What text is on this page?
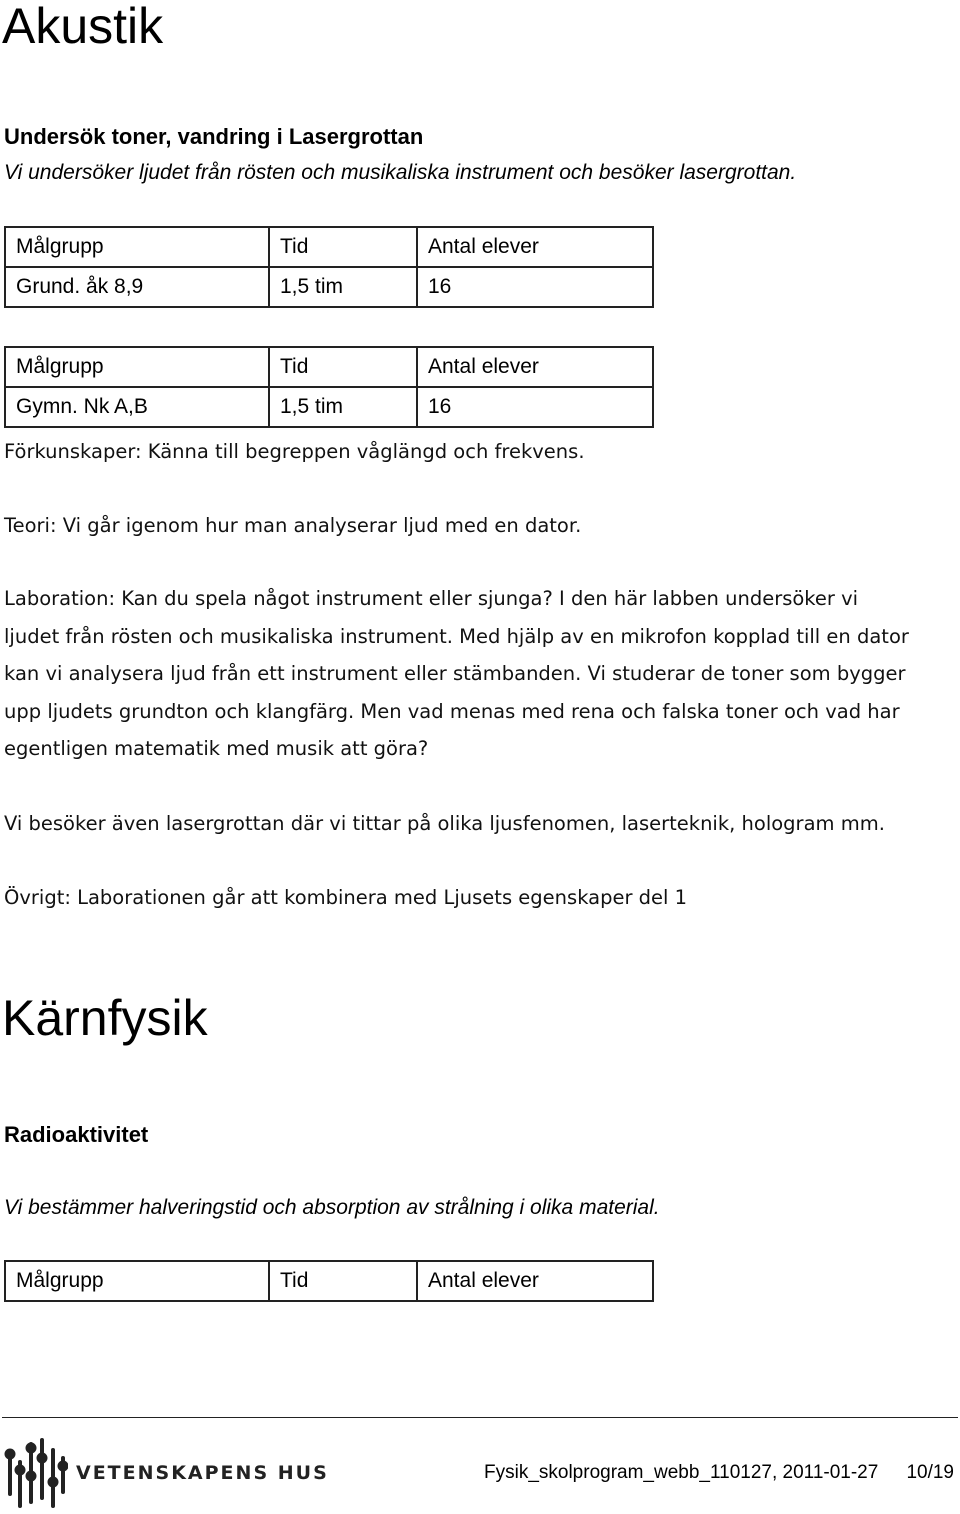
Akustik
Undersök toner, vandring i Lasergrottan
Vi undersöker ljudet från rösten och musikaliska instrument och besöker lasergrottan.
Målgrupp	Tid	Antal elever
Grund. åk 8,9	1,5 tim	16
Målgrupp	Tid	Antal elever
Gymn. Nk A,B	1,5 tim	16
Förkunskaper: Känna till begreppen våglängd och frekvens.
Teori: Vi går igenom hur man analyserar ljud med en dator.
Laboration: Kan du spela något instrument eller sjunga? I den här labben undersöker vi
ljudet från rösten och musikaliska instrument. Med hjälp av en mikrofon kopplad till en dator
kan vi analysera ljud från ett instrument eller stämbanden. Vi studerar de toner som bygger
upp ljudets grundton och klangfärg. Men vad menas med rena och falska toner och vad har
egentligen matematik med musik att göra?
Vi besöker även lasergrottan där vi tittar på olika ljusfenomen, laserteknik, hologram mm.
Övrigt: Laborationen går att kombinera med Ljusets egenskaper del 1
Kärnfysik
Radioaktivitet
Vi bestämmer halveringstid och absorption av strålning i olika material.
Målgrupp	Tid	Antal elever
VETENSKAPENS HUS	Fysik_skolprogram_webb_110127, 2011-01-27 10/19
